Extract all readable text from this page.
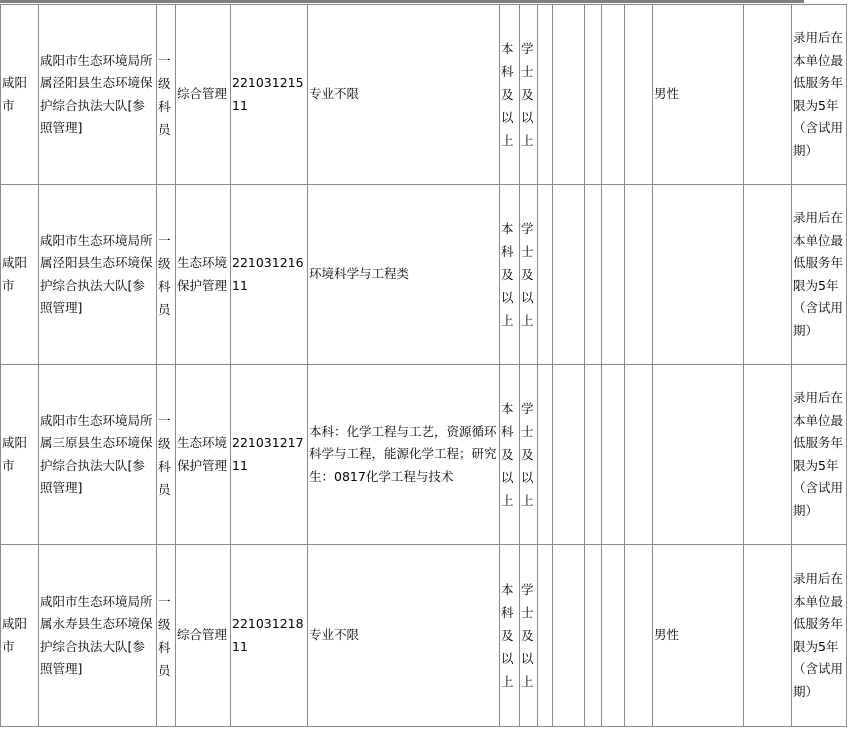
咸阳市	咸阳市生态环境局所属泾阳县生态环境保护综合执法大队[参照管理]	一级科员	综合管理	22103121511	专业不限	本科及以上	学士及以上						男性		录用后在本单位最低服务年限为5年（含试用期）
咸阳市	咸阳市生态环境局所属泾阳县生态环境保护综合执法大队[参照管理]	一级科员	生态环境保护管理	22103121611	环境科学与工程类	本科及以上	学士及以上								录用后在本单位最低服务年限为5年（含试用期）
咸阳市	咸阳市生态环境局所属三原县生态环境保护综合执法大队[参照管理]	一级科员	生态环境保护管理	22103121711	本科：化学工程与工艺，资源循环科学与工程，能源化学工程；研究生：0817化学工程与技术	本科及以上	学士及以上								录用后在本单位最低服务年限为5年（含试用期）
咸阳市	咸阳市生态环境局所属永寿县生态环境保护综合执法大队[参照管理]	一级科员	综合管理	22103121811	专业不限	本科及以上	学士及以上						男性		录用后在本单位最低服务年限为5年（含试用期）
